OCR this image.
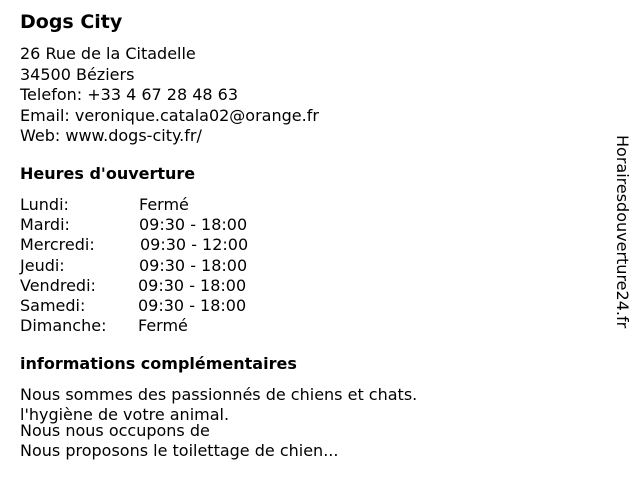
Dogs City
26 Rue de la Citadelle
34500 Béziers
Telefon: +33 4 67 28 48 63
Email: veronique.catala02@orange.fr
Web: www.dogs-city.fr/
Heures d'ouverture
Lundi:	Fermé
Mardi:	09:30 - 18:00
Mercredi:	09:30 - 12:00
Jeudi:	09:30 - 18:00
Vendredi:	09:30 - 18:00
Samedi:	09:30 - 18:00
Dimanche: Fermé
informations complémentaires
Nous sommes des passionnés de chiens et chats.
l'hygiène de votre animal.
Nous nous occupons de
Nous proposons le toilettage de chien...
Horairesdouverture24.fr
